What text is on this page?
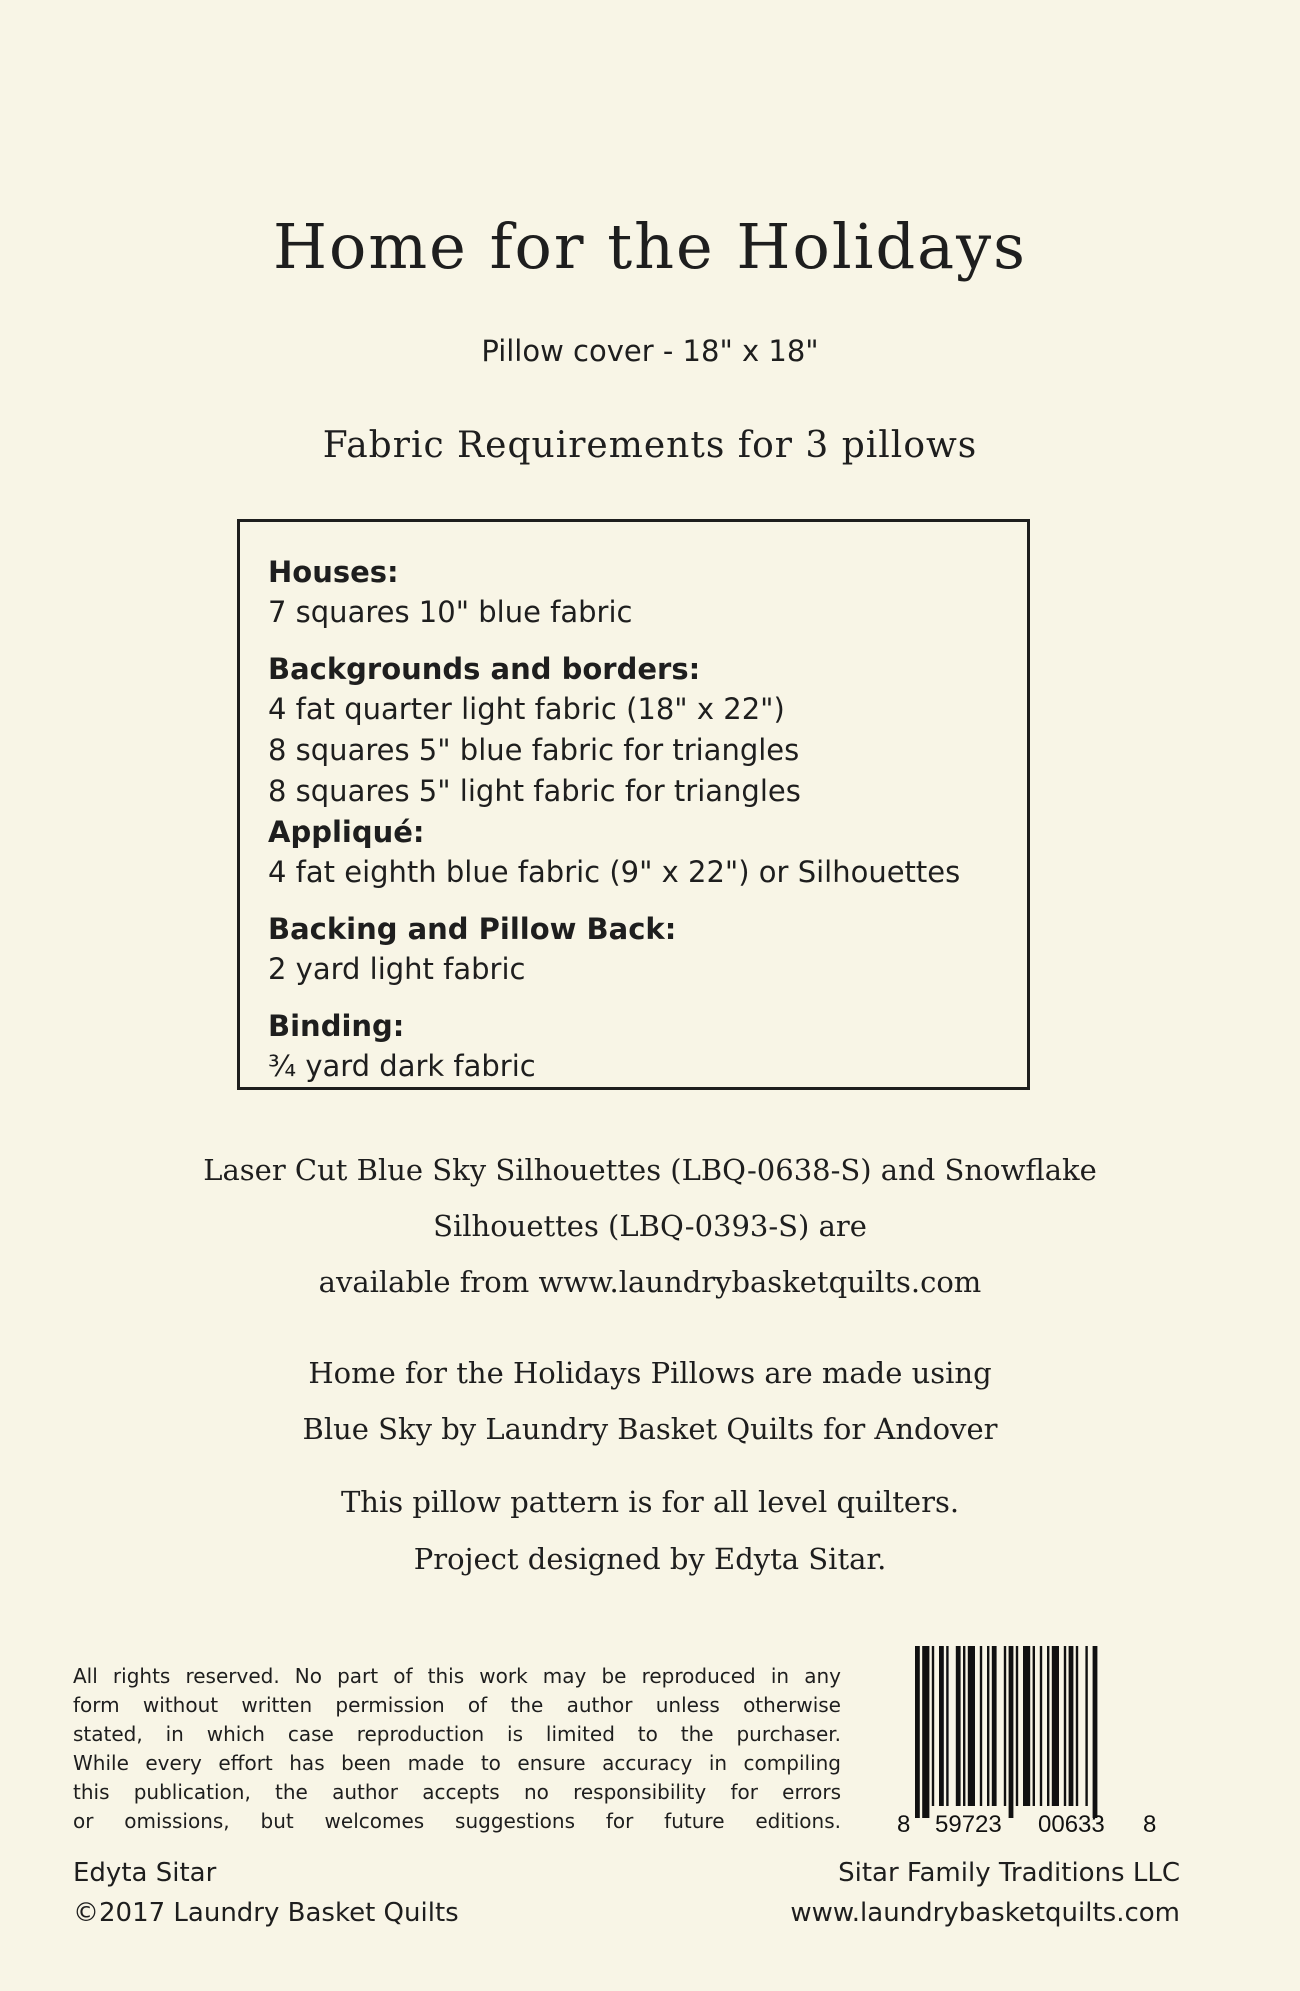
Home for the Holidays
Pillow cover - 18" x 18"
Fabric Requirements for 3 pillows
Houses:
7 squares 10" blue fabric
Backgrounds and borders:
4 fat quarter light fabric (18" x 22")
8 squares 5" blue fabric for triangles
8 squares 5" light fabric for triangles
Appliqué:
4 fat eighth blue fabric (9" x 22") or Silhouettes
Backing and Pillow Back:
2 yard light fabric
Binding:
¾ yard dark fabric
Laser Cut Blue Sky Silhouettes (LBQ-0638-S) and Snowflake
Silhouettes (LBQ-0393-S) are
available from www.laundrybasketquilts.com
Home for the Holidays Pillows are made using
Blue Sky by Laundry Basket Quilts for Andover
This pillow pattern is for all level quilters.
Project designed by Edyta Sitar.
All rights reserved. No part of this work may be reproduced in any
form without written permission of the author unless otherwise
stated, in which case reproduction is limited to the purchaser.
While every effort has been made to ensure accuracy in compiling
this publication, the author accepts no responsibility for errors
or omissions, but welcomes suggestions for future editions. 8 59723 00633 8
Edyta Sitar
©2017 Laundry Basket Quilts
Sitar Family Traditions LLC
www.laundrybasketquilts.com
